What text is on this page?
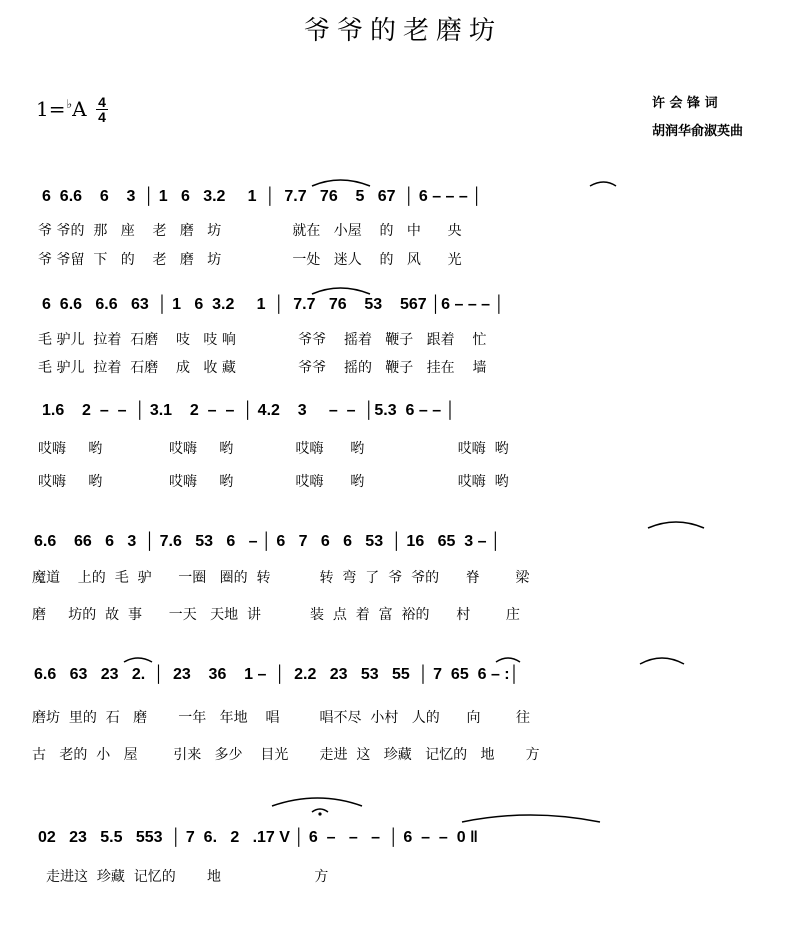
爷爷的老磨坊
1=♭A 4
4
许 会 锋 词
胡润华俞淑英曲
6  6.6    6    3  │ 1   6   3.2     1  │  7.7   76    5   67  │ 6 – – – │
爷 爷的  那   座    老   磨   坊                就在   小屋    的   中      央
爷 爷留  下   的    老   磨   坊                一处   迷人    的   风      光
6  6.6   6.6   63  │ 1   6  3.2     1  │  7.7   76    53    567 │6 – – – │
毛 驴儿  拉着  石磨    吱   吱 响              爷爷    摇着   鞭子   跟着    忙
毛 驴儿  拉着  石磨    成   收 藏              爷爷    摇的   鞭子   挂在    墙
1.6    2  –  –  │ 3.1    2  –  –  │ 4.2    3     –  –  │5.3  6 – – │
哎嗨     哟               哎嗨     哟              哎嗨      哟                     哎嗨  哟
哎嗨     哟               哎嗨     哟              哎嗨      哟                     哎嗨  哟
6.6    66   6   3  │ 7.6   53   6   – │ 6   7   6   6   53  │ 16   65  3 – │
魔道    上的  毛  驴      一圈   圈的  转           转  弯  了  爷  爷的      脊        梁
磨     坊的  故  事      一天   天地  讲           装  点  着  富  裕的      村        庄
6.6   63   23   2.  │  23    36    1 –  │  2.2   23   53   55  │ 7  65  6 – :│
磨坊  里的  石   磨       一年   年地    唱         唱不尽  小村   人的      向        往
古   老的  小   屋        引来   多少    目光       走进  这   珍藏   记忆的   地       方
02   23   5.5   553  │ 7  6.   2   .17 V │ 6  –   –   –  │ 6  –  –  0 ‖
走进这  珍藏  记忆的       地                     方
